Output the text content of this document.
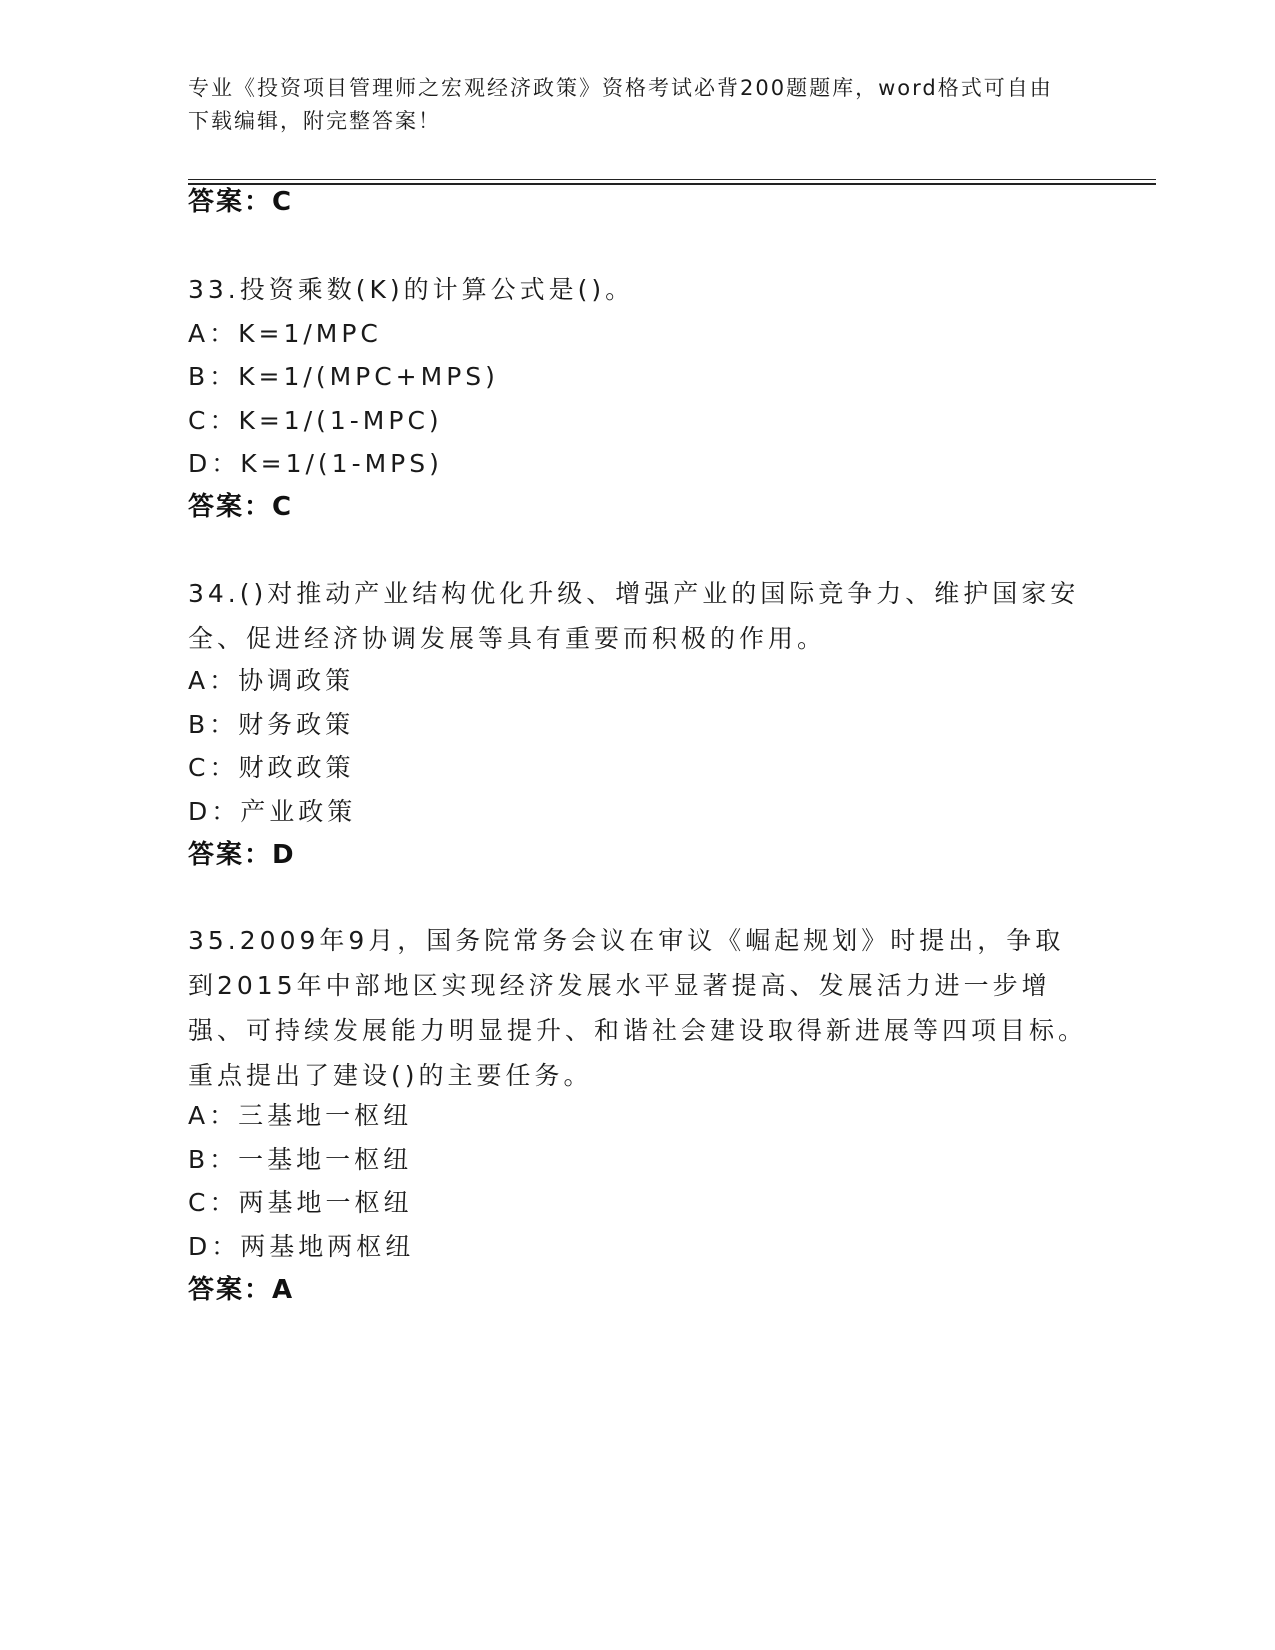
专业《投资项目管理师之宏观经济政策》资格考试必背200题题库，word格式可自由下载编辑，附完整答案！
答案：C
33.投资乘数(K)的计算公式是()。
A：K=1/MPC
B：K=1/(MPC+MPS)
C：K=1/(1-MPC)
D：K=1/(1-MPS)
答案：C
34.()对推动产业结构优化升级、增强产业的国际竞争力、维护国家安全、促进经济协调发展等具有重要而积极的作用。
A：协调政策
B：财务政策
C：财政政策
D：产业政策
答案：D
35.2009年9月，国务院常务会议在审议《崛起规划》时提出，争取到2015年中部地区实现经济发展水平显著提高、发展活力进一步增强、可持续发展能力明显提升、和谐社会建设取得新进展等四项目标。重点提出了建设()的主要任务。
A：三基地一枢纽
B：一基地一枢纽
C：两基地一枢纽
D：两基地两枢纽
答案：A
